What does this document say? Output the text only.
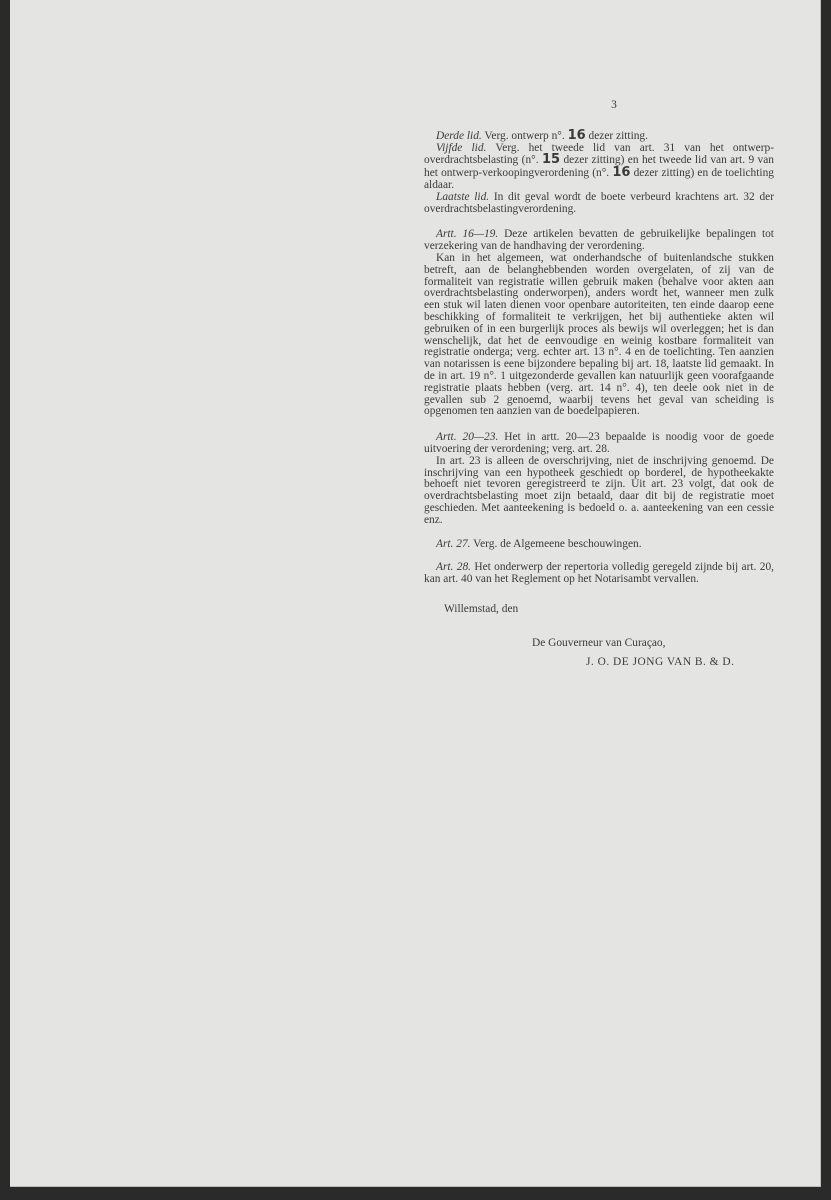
3

Derde lid. Verg. ontwerp n°. 16 dezer zitting.

Vijfde lid. Verg. het tweede lid van art. 31 van het ontwerp-overdrachtsbelasting (n°. 15 dezer zitting) en het tweede lid van art. 9 van het ontwerp-verkoopingverordening (n°. 16 dezer zitting) en de toelichting aldaar.

Laatste lid. In dit geval wordt de boete verbeurd krachtens art. 32 der overdrachtsbelastingverordening.

Artt. 16—19. Deze artikelen bevatten de gebruikelijke bepalingen tot verzekering van de handhaving der verordening.

Kan in het algemeen, wat onderhandsche of buitenlandsche stukken betreft, aan de belanghebbenden worden overgelaten, of zij van de formaliteit van registratie willen gebruik maken (behalve voor akten aan overdrachtsbelasting onderworpen), anders wordt het, wanneer men zulk een stuk wil laten dienen voor openbare autoriteiten, ten einde daarop eene beschikking of formaliteit te verkrijgen, het bij authentieke akten wil gebruiken of in een burgerlijk proces als bewijs wil overleggen; het is dan wenschelijk, dat het de eenvoudige en weinig kostbare formaliteit van registratie onderga; verg. echter art. 13 n°. 4 en de toelichting. Ten aanzien van notarissen is eene bijzondere bepaling bij art. 18, laatste lid gemaakt. In de in art. 19 n°. 1 uitgezonderde gevallen kan natuurlijk geen voorafgaande registratie plaats hebben (verg. art. 14 n°. 4), ten deele ook niet in de gevallen sub 2 genoemd, waarbij tevens het geval van scheiding is opgenomen ten aanzien van de boedelpapieren.

Artt. 20—23. Het in artt. 20—23 bepaalde is noodig voor de goede uitvoering der verordening; verg. art. 28.

In art. 23 is alleen de overschrijving, niet de inschrijving genoemd. De inschrijving van een hypotheek geschiedt op borderel, de hypotheekakte behoeft niet tevoren geregistreerd te zijn. Uit art. 23 volgt, dat ook de overdrachtsbelasting moet zijn betaald, daar dit bij de registratie moet geschieden. Met aanteekening is bedoeld o. a. aanteekening van een cessie enz.

Art. 27. Verg. de Algemeene beschouwingen.

Art. 28. Het onderwerp der repertoria volledig geregeld zijnde bij art. 20, kan art. 40 van het Reglement op het Notarisambt vervallen.

Willemstad, den
De Gouverneur van Curaçao,
J. O. DE JONG VAN B. & D.
